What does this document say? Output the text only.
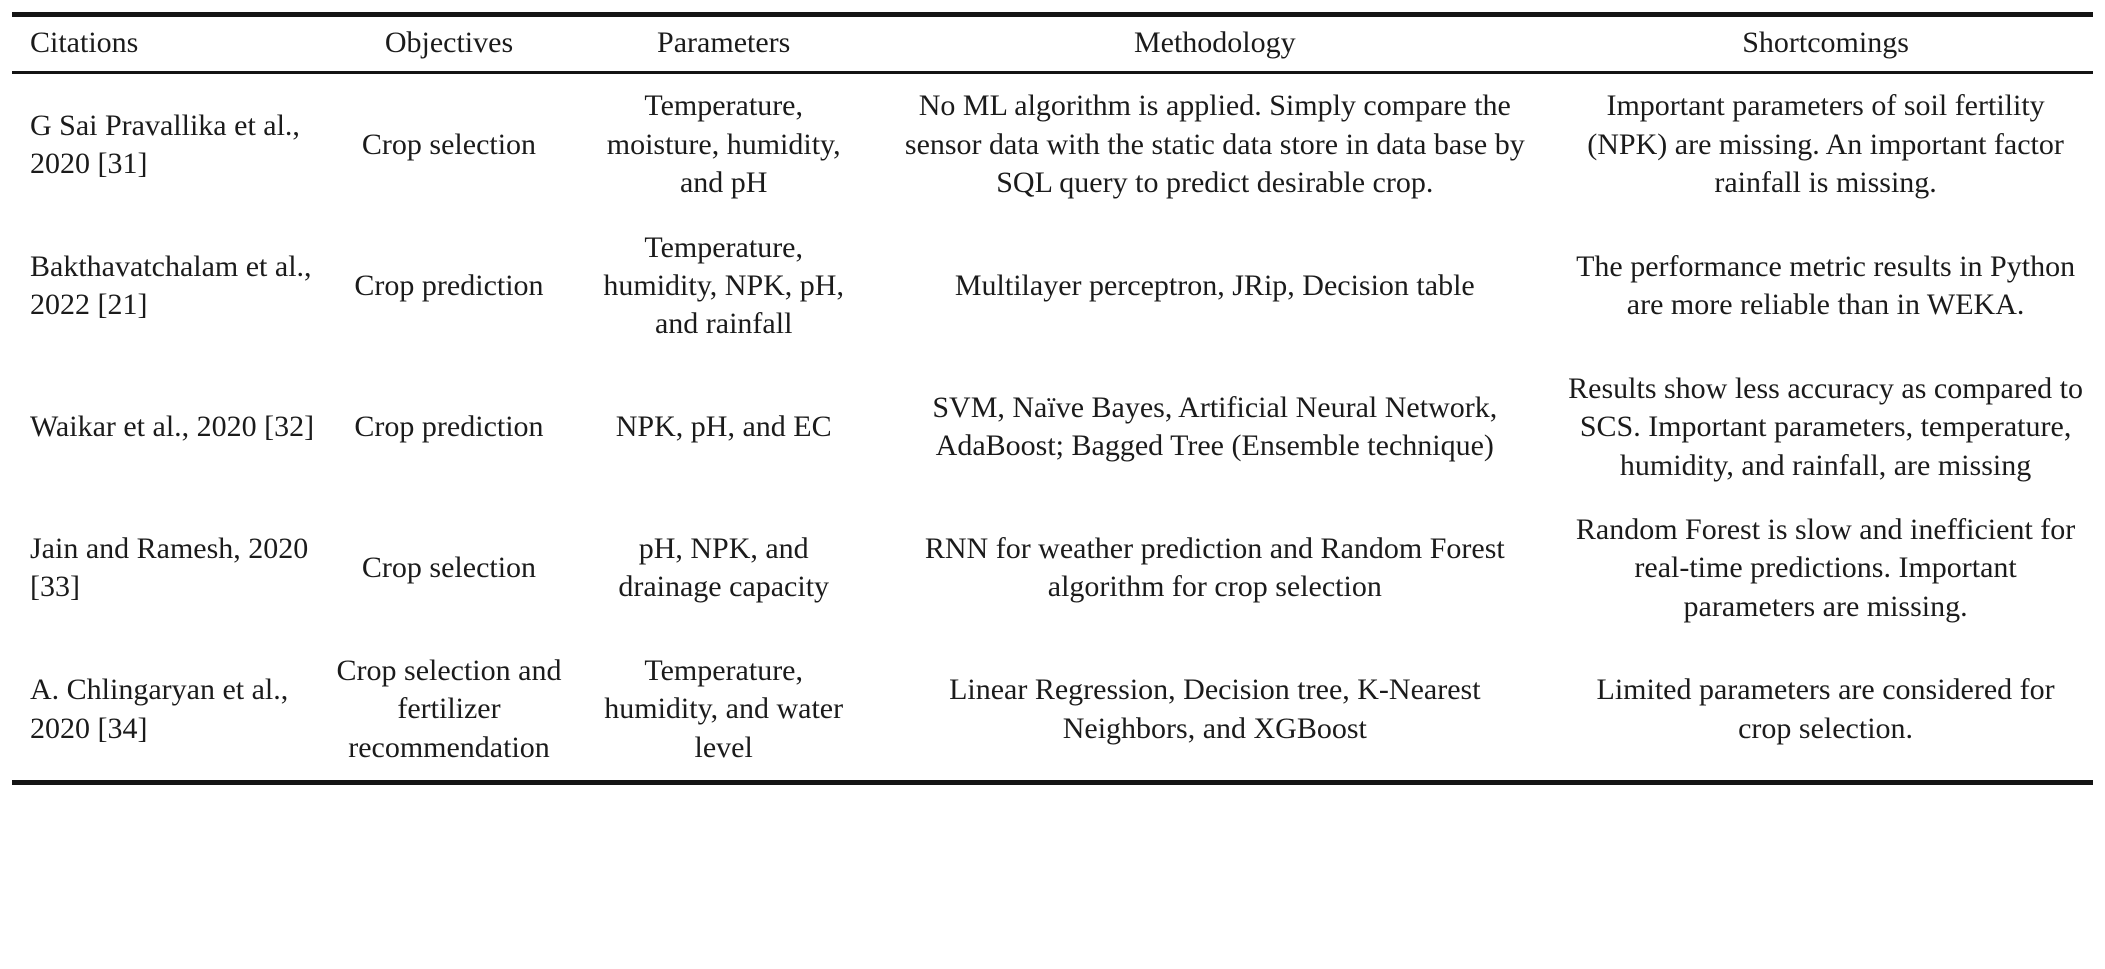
Citations	Objectives	Parameters	Methodology	Shortcomings
G Sai Pravallika et al., 2020 [31]	Crop selection	Temperature, moisture, humidity, and pH	No ML algorithm is applied. Simply compare the sensor data with the static data store in data base by SQL query to predict desirable crop.	Important parameters of soil fertility (NPK) are missing. An important factor rainfall is missing.
Bakthavatchalam et al., 2022 [21]	Crop prediction	Temperature, humidity, NPK, pH, and rainfall	Multilayer perceptron, JRip, Decision table	The performance metric results in Python are more reliable than in WEKA.
Waikar et al., 2020 [32]	Crop prediction	NPK, pH, and EC	SVM, Naïve Bayes, Artificial Neural Network, AdaBoost; Bagged Tree (Ensemble technique)	Results show less accuracy as compared to SCS. Important parameters, temperature, humidity, and rainfall, are missing
Jain and Ramesh, 2020 [33]	Crop selection	pH, NPK, and drainage capacity	RNN for weather prediction and Random Forest algorithm for crop selection	Random Forest is slow and inefficient for real-time predictions. Important parameters are missing.
A. Chlingaryan et al., 2020 [34]	Crop selection and fertilizer recommendation	Temperature, humidity, and water level	Linear Regression, Decision tree, K-Nearest Neighbors, and XGBoost	Limited parameters are considered for crop selection.
